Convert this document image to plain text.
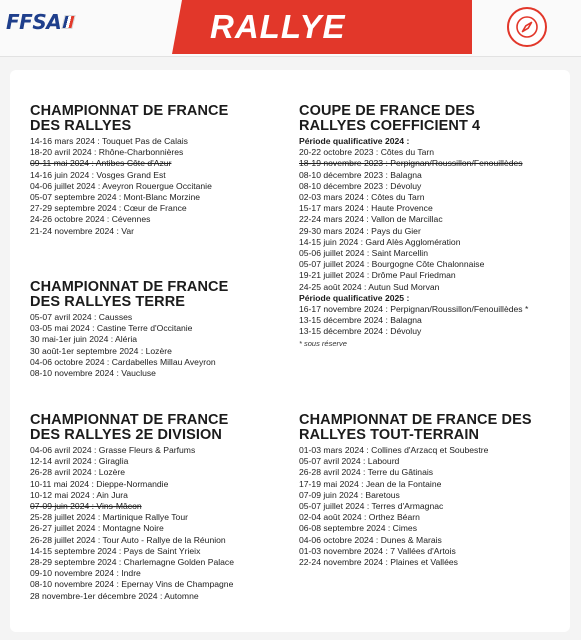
FFSA	RALLYE
CHAMPIONNAT DE FRANCE
DES RALLYES
14-16 mars 2024 : Touquet Pas de Calais
18-20 avril 2024 : Rhône-Charbonnières
09-11 mai 2024 : Antibes Côte d'Azur
14-16 juin 2024 : Vosges Grand Est
04-06 juillet 2024 : Aveyron Rouergue Occitanie
05-07 septembre 2024 : Mont-Blanc Morzine
27-29 septembre 2024 : Cœur de France
24-26 octobre 2024 : Cévennes
21-24 novembre 2024 : Var
COUPE DE FRANCE DES
RALLYES COEFFICIENT 4
Période qualificative 2024 :
20-22 octobre 2023 : Côtes du Tarn
18-19 novembre 2023 : Perpignan/Roussillon/Fenouillèdes
08-10 décembre 2023 : Balagna
08-10 décembre 2023 : Dévoluy
02-03 mars 2024 : Côtes du Tarn
15-17 mars 2024 : Haute Provence
22-24 mars 2024 : Vallon de Marcillac
29-30 mars 2024 : Pays du Gier
14-15 juin 2024 : Gard Alès Agglomération
05-06 juillet 2024 : Saint Marcellin
05-07 juillet 2024 : Bourgogne Côte Chalonnaise
19-21 juillet 2024 : Drôme Paul Friedman
24-25 août 2024 : Autun Sud Morvan
Période qualificative 2025 :
16-17 novembre 2024 : Perpignan/Roussillon/Fenouillèdes *
13-15 décembre 2024 : Balagna
13-15 décembre 2024 : Dévoluy
* sous réserve
CHAMPIONNAT DE FRANCE
DES RALLYES TERRE
05-07 avril 2024 : Causses
03-05 mai 2024 : Castine Terre d'Occitanie
30 mai-1er juin 2024 : Aléria
30 août-1er septembre 2024 : Lozère
04-06 octobre 2024 : Cardabelles Millau Aveyron
08-10 novembre 2024 : Vaucluse
CHAMPIONNAT DE FRANCE
DES RALLYES 2E DIVISION
04-06 avril 2024 : Grasse Fleurs & Parfums
12-14 avril 2024 : Giraglia
26-28 avril 2024 : Lozère
10-11 mai 2024 : Dieppe-Normandie
10-12 mai 2024 : Ain Jura
07-09 juin 2024 : Vins-Mâcon
25-28 juillet 2024 : Martinique Rallye Tour
26-27 juillet 2024 : Montagne Noire
26-28 juillet 2024 : Tour Auto - Rallye de la Réunion
14-15 septembre 2024 : Pays de Saint Yrieix
28-29 septembre 2024 : Charlemagne Golden Palace
09-10 novembre 2024 : Indre
08-10 novembre 2024 : Epernay Vins de Champagne
28 novembre-1er décembre 2024 : Automne
CHAMPIONNAT DE FRANCE DES
RALLYES TOUT-TERRAIN
01-03 mars 2024 : Collines d'Arzacq et Soubestre
05-07 avril 2024 : Labourd
26-28 avril 2024 : Terre du Gâtinais
17-19 mai 2024 : Jean de la Fontaine
07-09 juin 2024 : Baretous
05-07 juillet 2024 : Terres d'Armagnac
02-04 août 2024 : Orthez Béarn
06-08 septembre 2024 : Cimes
04-06 octobre 2024 : Dunes & Marais
01-03 novembre 2024 : 7 Vallées d'Artois
22-24 novembre 2024 : Plaines et Vallées
